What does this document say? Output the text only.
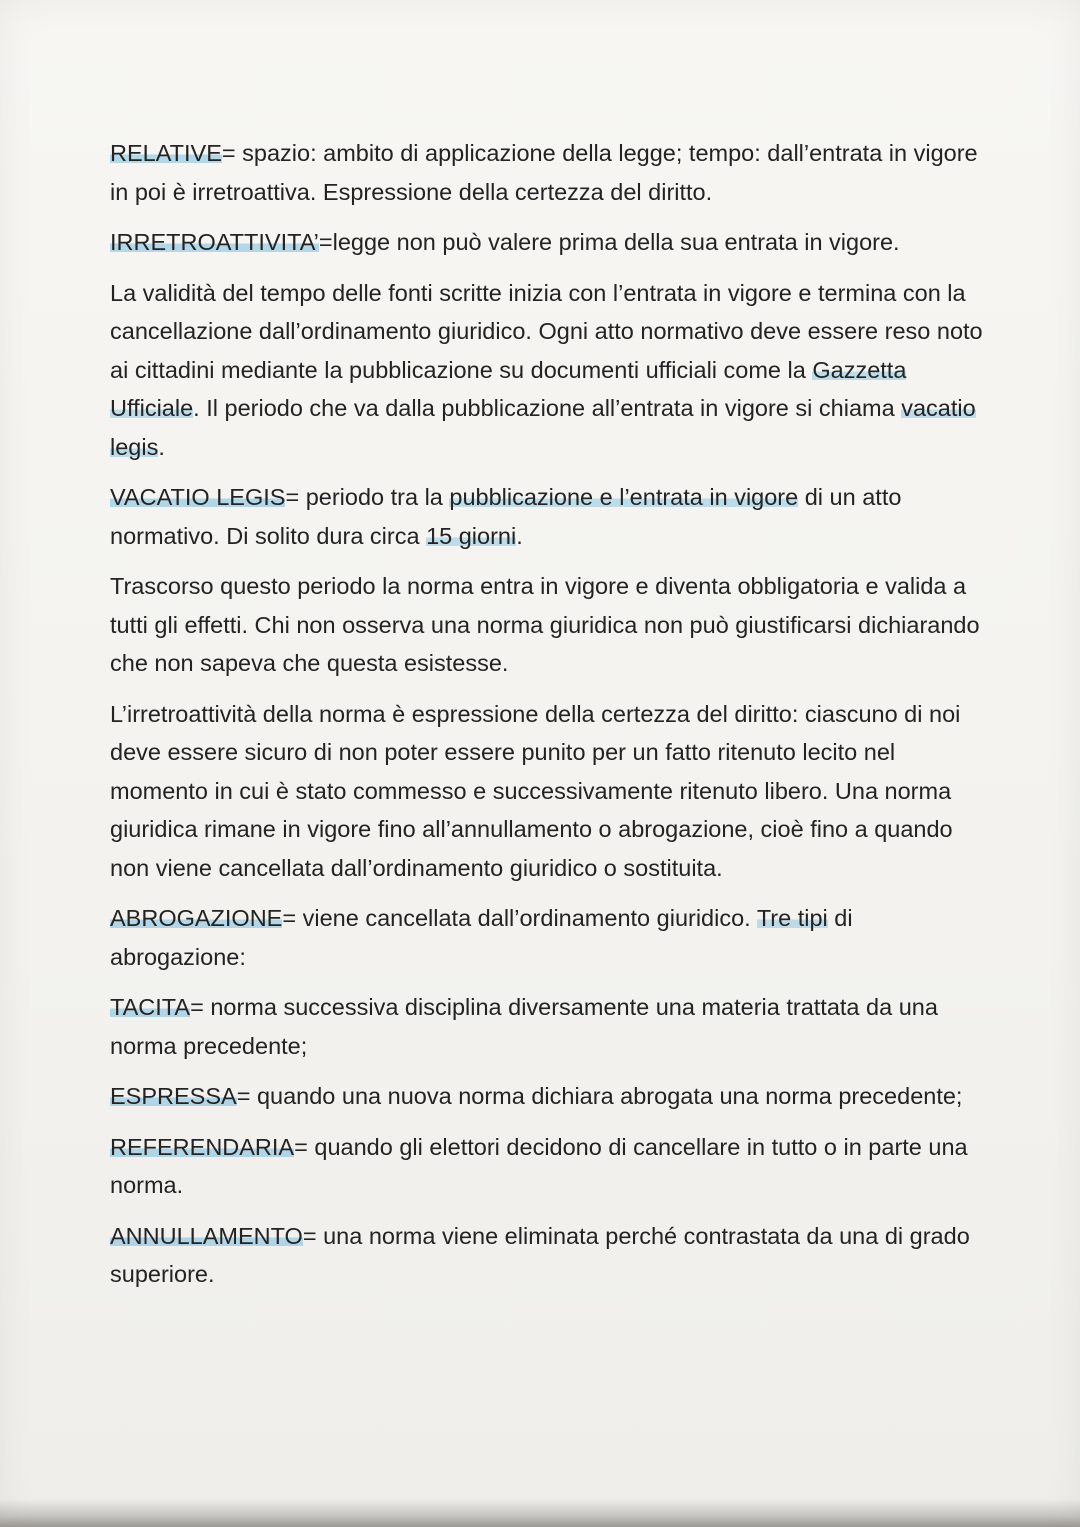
RELATIVE= spazio: ambito di applicazione della legge; tempo: dall’entrata in vigore in poi è irretroattiva. Espressione della certezza del diritto.

IRRETROATTIVITA’=legge non può valere prima della sua entrata in vigore.

La validità del tempo delle fonti scritte inizia con l’entrata in vigore e termina con la cancellazione dall’ordinamento giuridico. Ogni atto normativo deve essere reso noto ai cittadini mediante la pubblicazione su documenti ufficiali come la Gazzetta Ufficiale. Il periodo che va dalla pubblicazione all’entrata in vigore si chiama vacatio legis.

VACATIO LEGIS= periodo tra la pubblicazione e l’entrata in vigore di un atto normativo. Di solito dura circa 15 giorni.

Trascorso questo periodo la norma entra in vigore e diventa obbligatoria e valida a tutti gli effetti. Chi non osserva una norma giuridica non può giustificarsi dichiarando che non sapeva che questa esistesse.

L’irretroattività della norma è espressione della certezza del diritto: ciascuno di noi deve essere sicuro di non poter essere punito per un fatto ritenuto lecito nel momento in cui è stato commesso e successivamente ritenuto libero. Una norma giuridica rimane in vigore fino all’annullamento o abrogazione, cioè fino a quando non viene cancellata dall’ordinamento giuridico o sostituita.

ABROGAZIONE= viene cancellata dall’ordinamento giuridico. Tre tipi di abrogazione:

TACITA= norma successiva disciplina diversamente una materia trattata da una norma precedente;

ESPRESSA= quando una nuova norma dichiara abrogata una norma precedente;

REFERENDARIA= quando gli elettori decidono di cancellare in tutto o in parte una norma.

ANNULLAMENTO= una norma viene eliminata perché contrastata da una di grado superiore.
